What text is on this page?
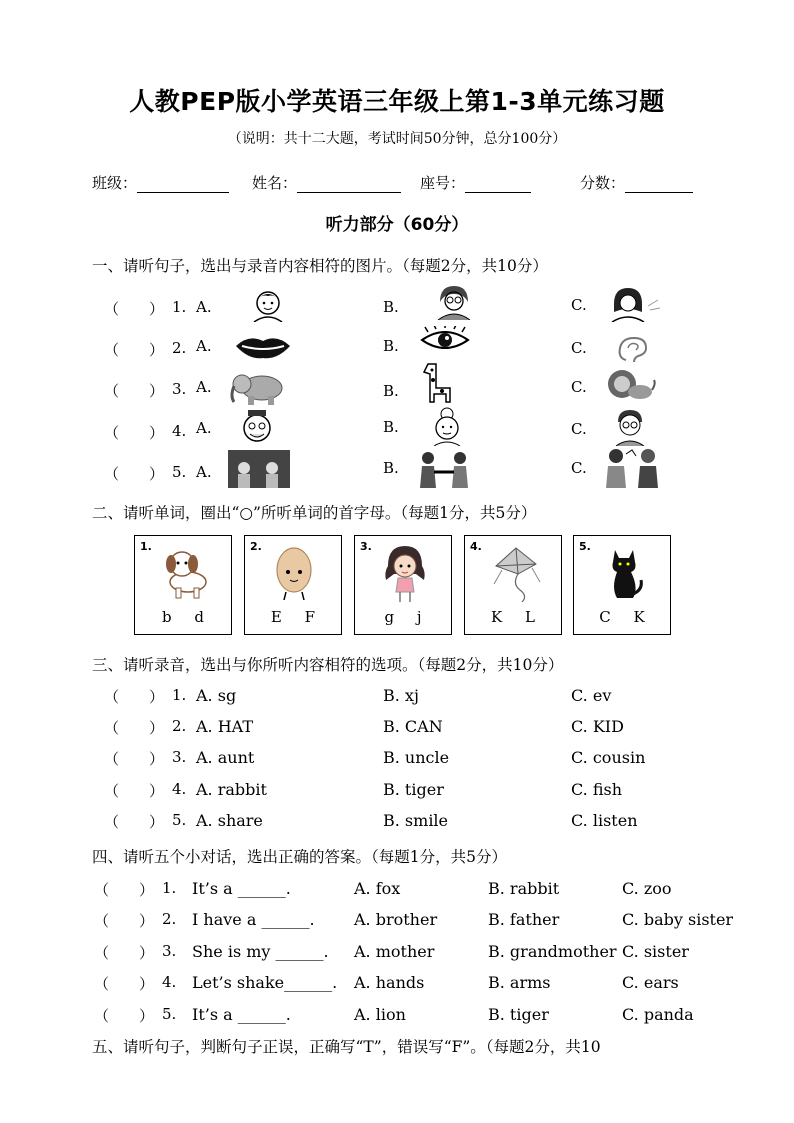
人教PEP版小学英语三年级上第1-3单元练习题
（说明：共十二大题，考试时间50分钟，总分100分）
班级：	姓名：	座号：	分数：
听力部分（60分）
一、请听句子，选出与录音内容相符的图片。（每题2分，共10分）
（　　） 1. A.	B.	C.
（　　） 2. A.	B.	C.
（　　） 3. A.	B.	C.
（　　） 4. A.	B.	C.
（　　） 5. A.	B.	C.
二、请听单词，圈出“○”所听单词的首字母。（每题1分，共5分）
1.
b d
2.
E F
3.
g j
4.
K L
5.
C K
三、请听录音，选出与你所听内容相符的选项。（每题2分，共10分）
（　　） 1. A. sg	B. xj	C. ev
（　　） 2. A. HAT	B. CAN	C. KID
（　　） 3. A. aunt	B. uncle	C. cousin
（　　） 4. A. rabbit	B. tiger	C. fish
（　　） 5. A. share	B. smile	C. listen
四、请听五个小对话，选出正确的答案。（每题1分，共5分）
（　　） 1. It’s a ______.	A. fox	B. rabbit	C. zoo
（　　） 2. I have a ______. A. brother	B. father	C. baby sister
（　　） 3. She is my ______. A. mother	B. grandmother C. sister
（　　） 4. Let’s shake______. A. hands	B. arms	C. ears
（　　） 5. It’s a ______.	A. lion	B. tiger	C. panda
五、请听句子，判断句子正误，正确写“T”，错误写“F”。（每题2分，共10
